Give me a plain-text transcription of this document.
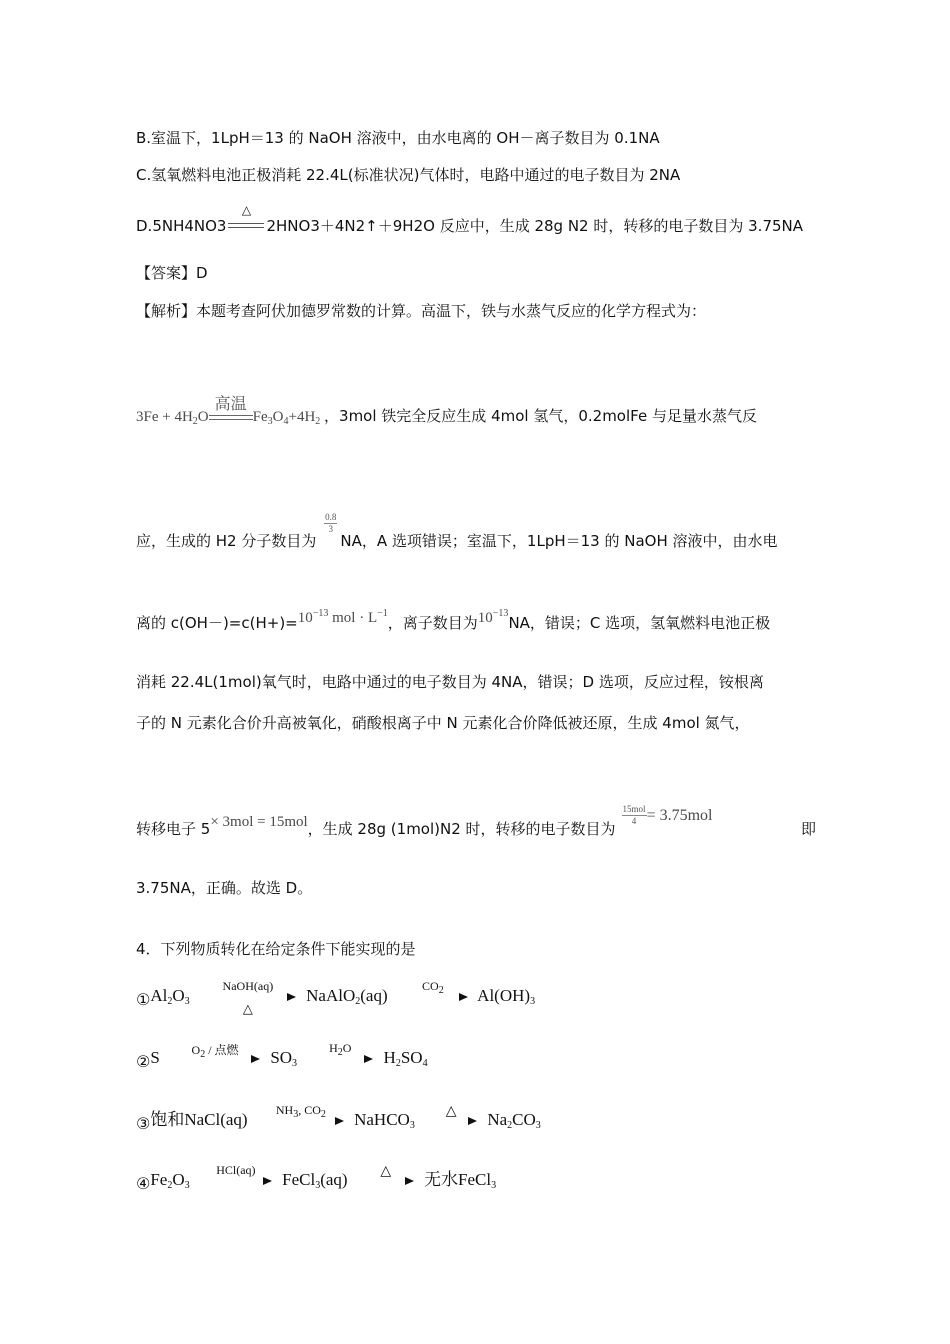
B.室温下，1LpH＝13 的 NaOH 溶液中，由水电离的 OH－离子数目为 0.1NA
C.氢氧燃料电池正极消耗 22.4L(标准状况)气体时，电路中通过的电子数目为 2NA
D.5NH4NO3
△
2HNO3＋4N2↑＋9H2O 反应中，生成 28g N2 时，转移的电子数目为 3.75NA
【答案】D
【解析】本题考查阿伏加德罗常数的计算。高温下，铁与水蒸气反应的化学方程式为：
$3Fe + 4H_2O$
高温
$Fe_3O_4+4H_2$ ，3mol 铁完全反应生成 4mol 氢气，0.2molFe 与足量水蒸气反
应，生成的 H2 分子数目为
$\frac{0.8}{3}$
NA，A 选项错误；室温下，1LpH＝13 的 NaOH 溶液中，由水电
离的 $c(OH-)=c(H+)=10^{-13}$ mol · $L^{-1}$，离子数目为$10^{-13}NA$，错误；C 选项，氢氧燃料电池正极
消耗 22.4L(1mol)氧气时，电路中通过的电子数目为 4NA，错误；D 选项，反应过程，铵根离
子的 N 元素化合价升高被氧化，硝酸根离子中 N 元素化合价降低被还原，生成 4mol 氮气，
转移电子 5× 3mol = 15mol，生成 28g (1mol)N2 时，转移的电子数目为
$\frac{\text{15mol}}{4} = 3.75mol$
即
3.75NA，正确。故选 D。
4．下列物质转化在给定条件下能实现的是
$①Al_2O_3$
NaOH(aq)
△
NaAlO$_2$(aq)	$CO_2$	$Al(OH)_3$
②S	$O_2$ / 点燃	$SO_3$
$H_2O$	$H_2SO_4$
③饱和NaCl(aq)	$NH_3$, $CO_2$	NaHCO$_3$
△	$Na_2CO_3$
$④Fe_2O_3$
HCl(aq)	FeCl$_3$(aq)	△	无水FeCl$_3$
